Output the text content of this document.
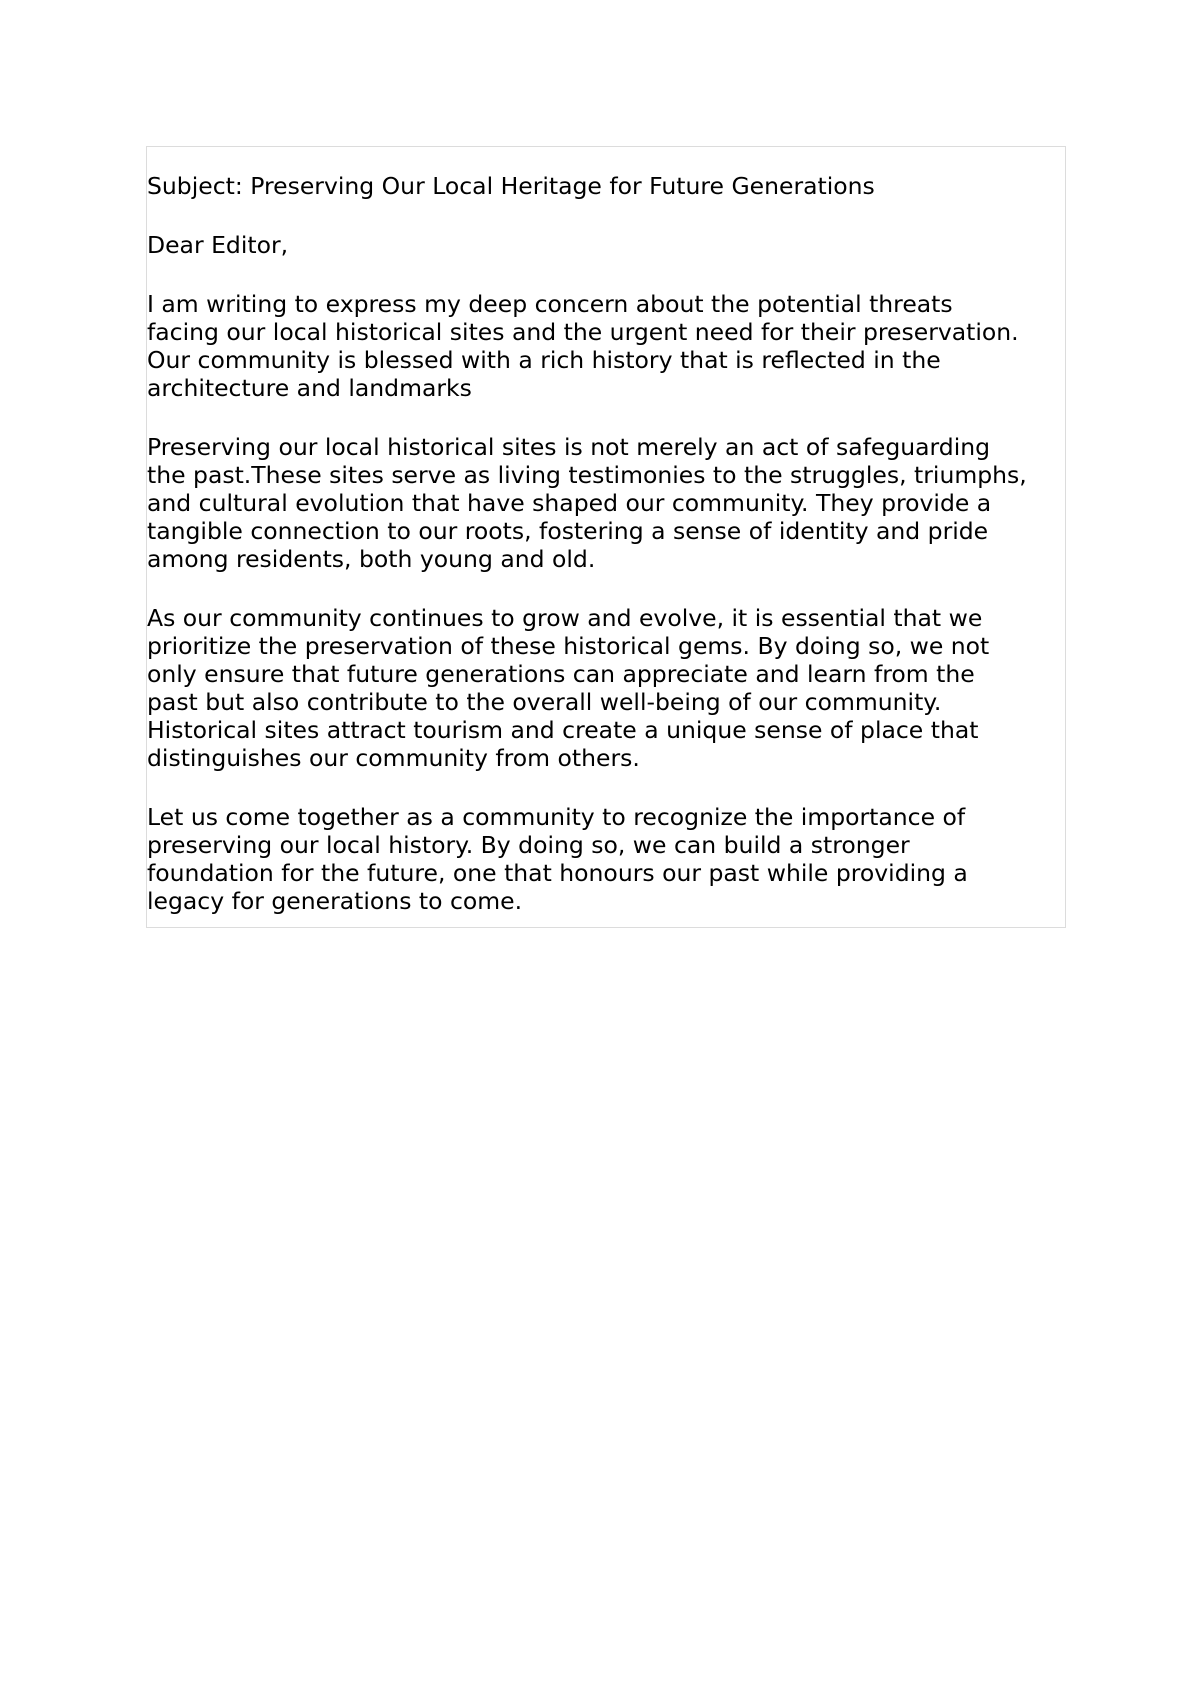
Subject: Preserving Our Local Heritage for Future Generations

Dear Editor,

I am writing to express my deep concern about the potential threats
facing our local historical sites and the urgent need for their preservation.
Our community is blessed with a rich history that is reflected in the
architecture and landmarks

Preserving our local historical sites is not merely an act of safeguarding
the past.These sites serve as living testimonies to the struggles, triumphs,
and cultural evolution that have shaped our community. They provide a
tangible connection to our roots, fostering a sense of identity and pride
among residents, both young and old.

As our community continues to grow and evolve, it is essential that we
prioritize the preservation of these historical gems. By doing so, we not
only ensure that future generations can appreciate and learn from the
past but also contribute to the overall well-being of our community.
Historical sites attract tourism and create a unique sense of place that
distinguishes our community from others.

Let us come together as a community to recognize the importance of
preserving our local history. By doing so, we can build a stronger
foundation for the future, one that honours our past while providing a
legacy for generations to come.
